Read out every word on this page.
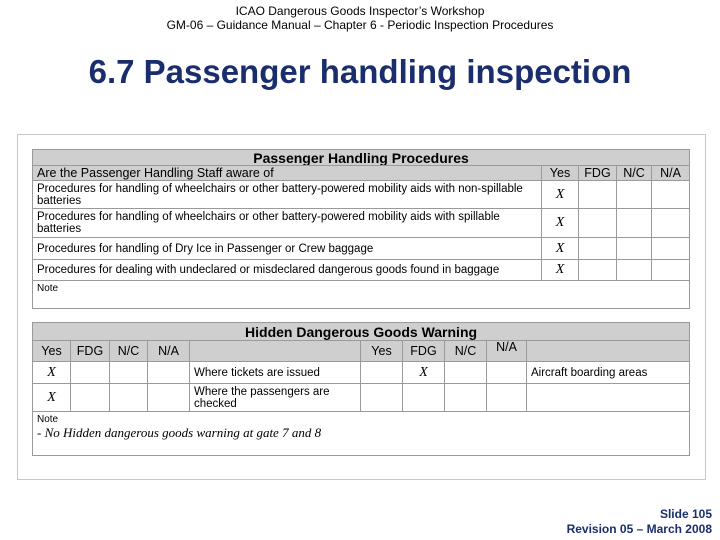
ICAO Dangerous Goods Inspector’s Workshop
GM-06 – Guidance Manual – Chapter 6 - Periodic Inspection Procedures
6.7 Passenger handling inspection
Passenger Handling Procedures				
Are the Passenger Handling Staff aware of	Yes	FDG	N/C	N/A
Procedures for handling of wheelchairs or other battery-powered mobility aids with non-spillable batteries	X			
Procedures for handling of wheelchairs or other battery-powered mobility aids with spillable batteries	X			
Procedures for handling of Dry Ice in Passenger or Crew baggage	X			
Procedures for dealing with undeclared or misdeclared dangerous goods found in baggage	X			
Note				
Hidden Dangerous Goods Warning									
Yes	FDG	N/C	N/A		Yes	FDG	N/C	N/A	
X				Where tickets are issued		X			Aircraft boarding areas
X				Where the passengers are checked					
Note
- No Hidden dangerous goods warning at gate 7 and 8									
Slide 105
Revision 05 – March 2008
